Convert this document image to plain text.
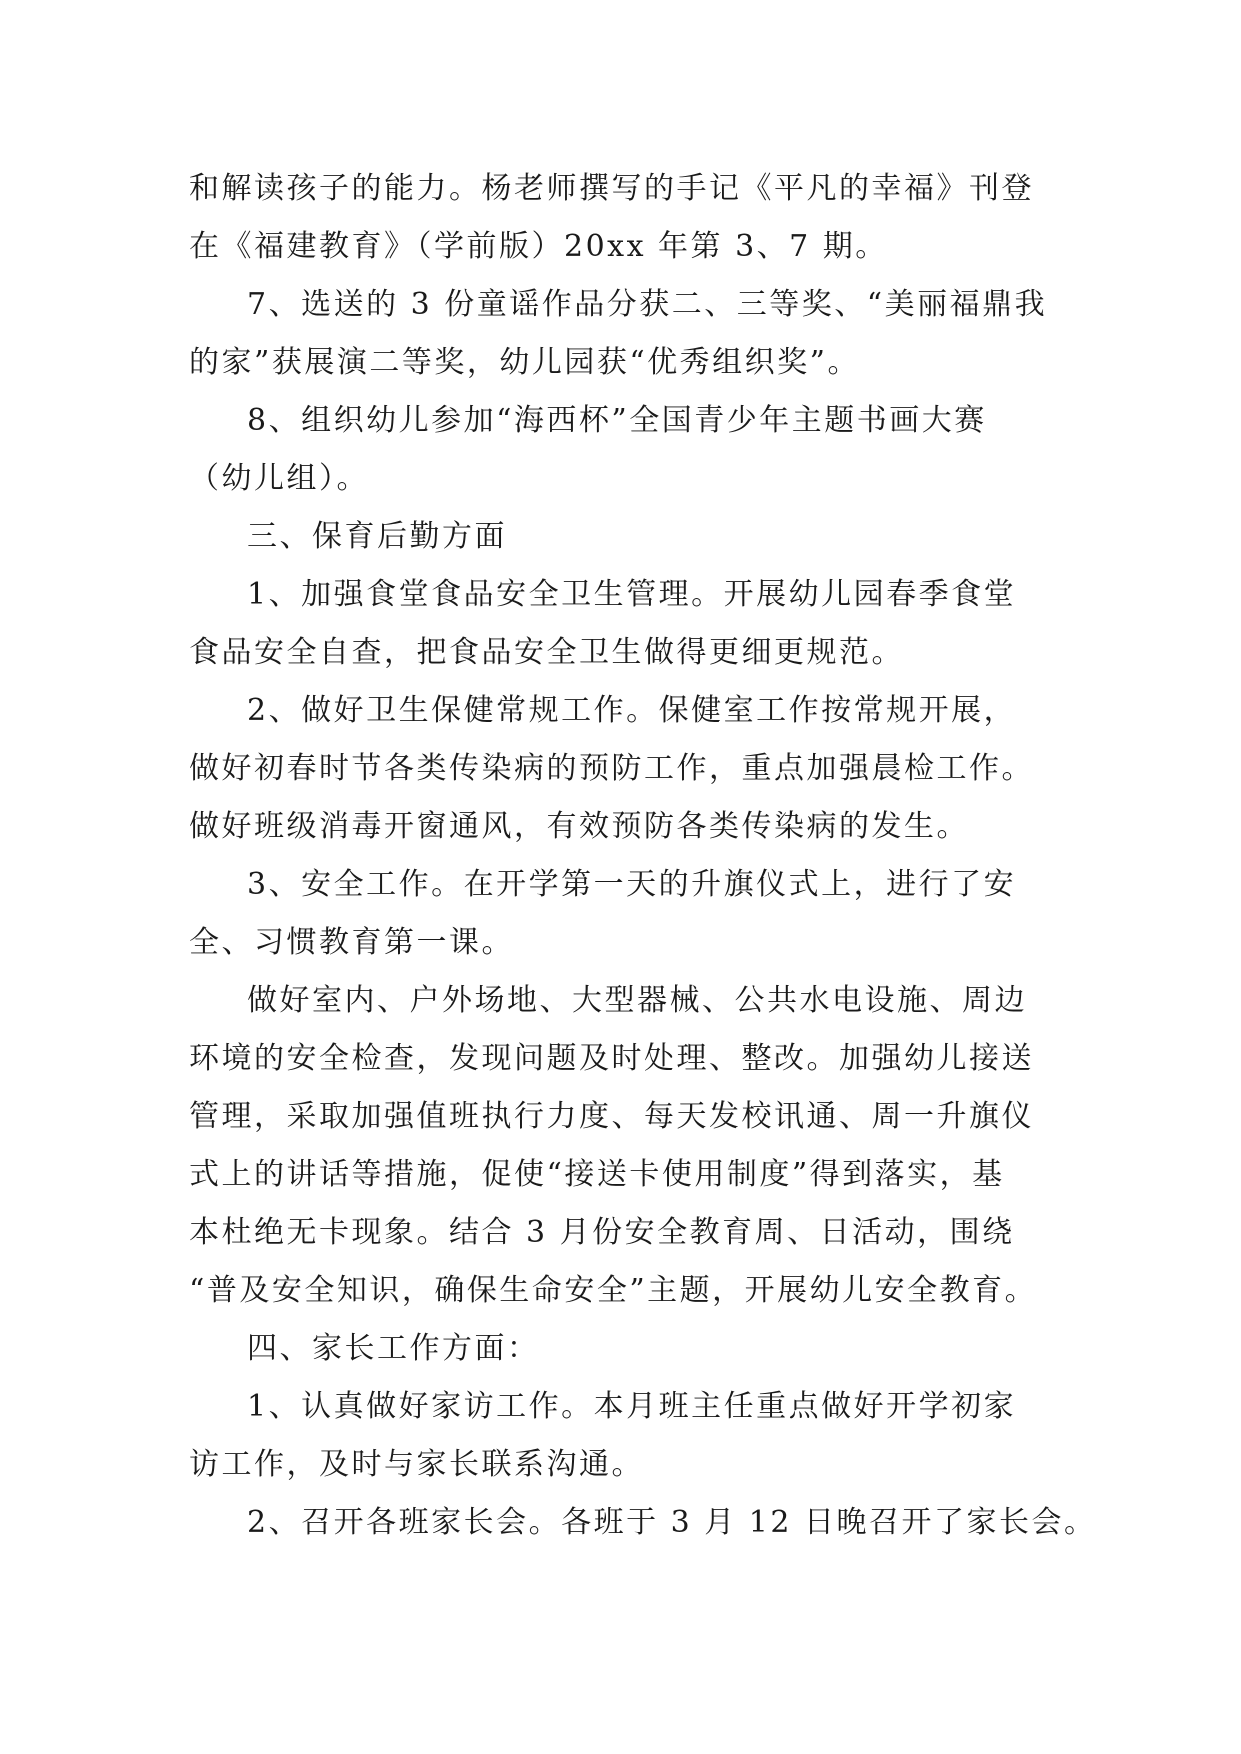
和解读孩子的能力。杨老师撰写的手记《平凡的幸福》刊登
在《福建教育》（学前版）20xx 年第 3、7 期。
7、选送的 3 份童谣作品分获二、三等奖、“美丽福鼎我
的家”获展演二等奖，幼儿园获“优秀组织奖”。
8、组织幼儿参加“海西杯”全国青少年主题书画大赛
（幼儿组）。
三、保育后勤方面
1、加强食堂食品安全卫生管理。开展幼儿园春季食堂
食品安全自查，把食品安全卫生做得更细更规范。
2、做好卫生保健常规工作。保健室工作按常规开展，
做好初春时节各类传染病的预防工作，重点加强晨检工作。
做好班级消毒开窗通风，有效预防各类传染病的发生。
3、安全工作。在开学第一天的升旗仪式上，进行了安
全、习惯教育第一课。
做好室内、户外场地、大型器械、公共水电设施、周边
环境的安全检查，发现问题及时处理、整改。加强幼儿接送
管理，采取加强值班执行力度、每天发校讯通、周一升旗仪
式上的讲话等措施，促使“接送卡使用制度”得到落实，基
本杜绝无卡现象。结合 3 月份安全教育周、日活动，围绕
“普及安全知识，确保生命安全”主题，开展幼儿安全教育。
四、家长工作方面：
1、认真做好家访工作。本月班主任重点做好开学初家
访工作，及时与家长联系沟通。
2、召开各班家长会。各班于 3 月 12 日晚召开了家长会。
